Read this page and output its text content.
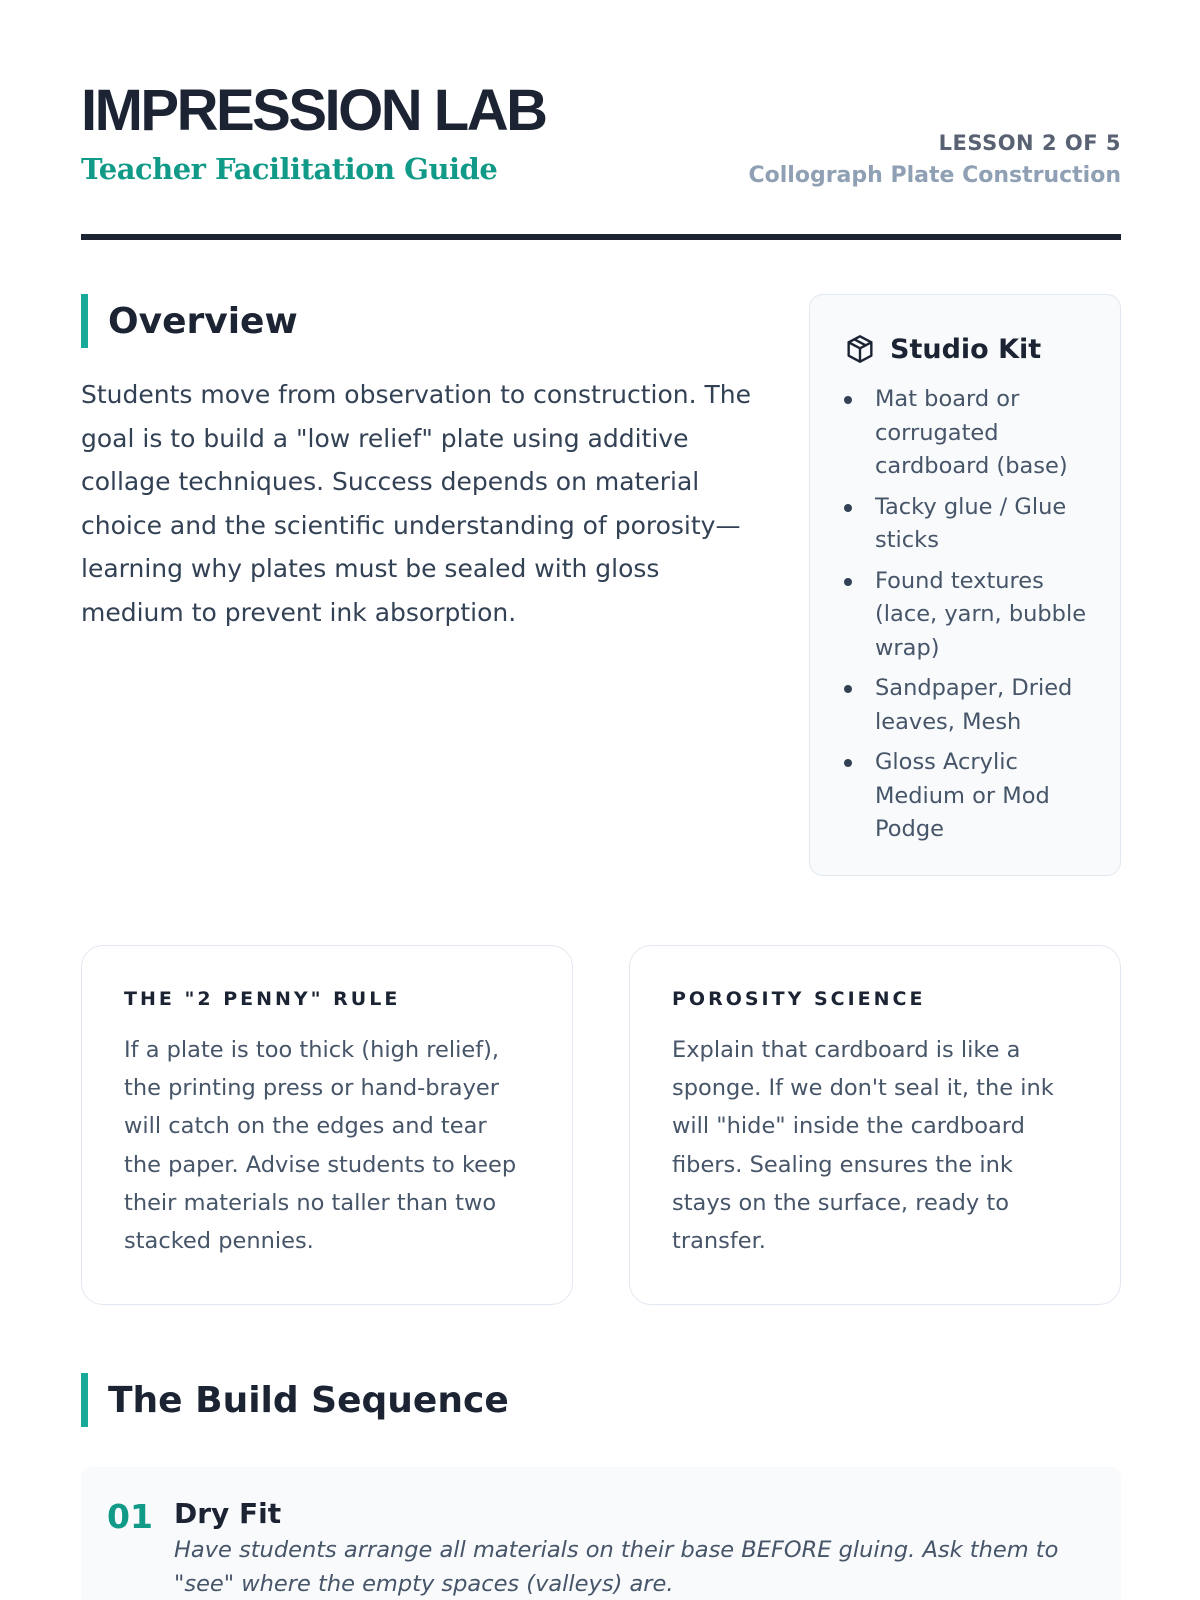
IMPRESSION LAB
Teacher Facilitation Guide
LESSON 2 OF 5
Collograph Plate Construction
Overview

Students move from observation to construction. The goal is to build a "low relief" plate using additive collage techniques. Success depends on material choice and the scientific understanding of porosity—learning why plates must be sealed with gloss medium to prevent ink absorption.

Studio Kit
Mat board or corrugated cardboard (base)
Tacky glue / Glue sticks
Found textures (lace, yarn, bubble wrap)
Sandpaper, Dried leaves, Mesh
Gloss Acrylic Medium or Mod Podge
THE "2 PENNY" RULE

If a plate is too thick (high relief), the printing press or hand-brayer will catch on the edges and tear the paper. Advise students to keep their materials no taller than two stacked pennies.

POROSITY SCIENCE

Explain that cardboard is like a sponge. If we don't seal it, the ink will "hide" inside the cardboard fibers. Sealing ensures the ink stays on the surface, ready to transfer.

The Build Sequence
01 Dry Fit

Have students arrange all materials on their base BEFORE gluing. Ask them to "see" where the empty spaces (valleys) are.
